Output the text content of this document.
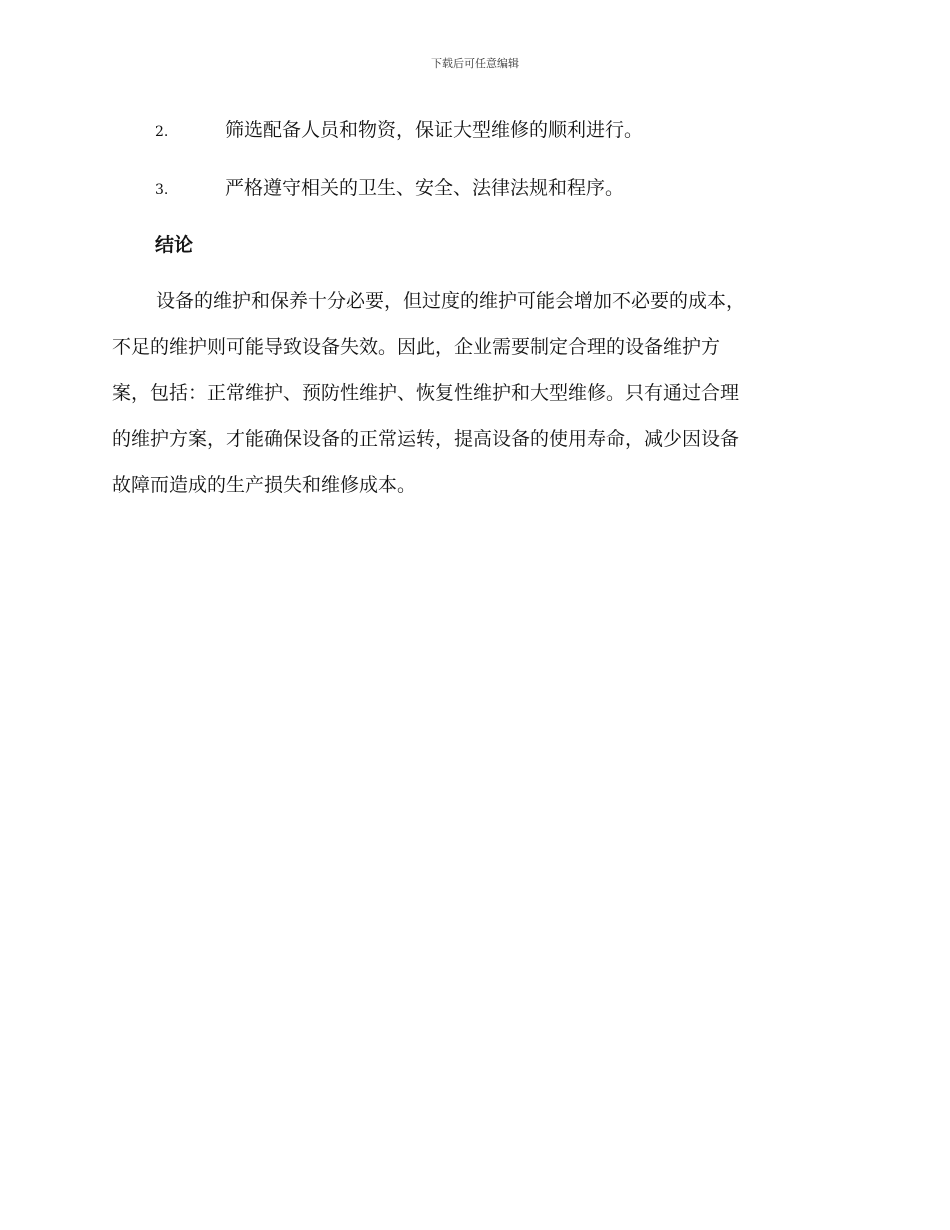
下载后可任意编辑
2.	筛选配备人员和物资，保证大型维修的顺利进行。
3.	严格遵守相关的卫生、安全、法律法规和程序。
结论
设备的维护和保养十分必要，但过度的维护可能会增加不必要的成本，
不足的维护则可能导致设备失效。因此，企业需要制定合理的设备维护方
案，包括：正常维护、预防性维护、恢复性维护和大型维修。只有通过合理
的维护方案，才能确保设备的正常运转，提高设备的使用寿命，减少因设备
故障而造成的生产损失和维修成本。
